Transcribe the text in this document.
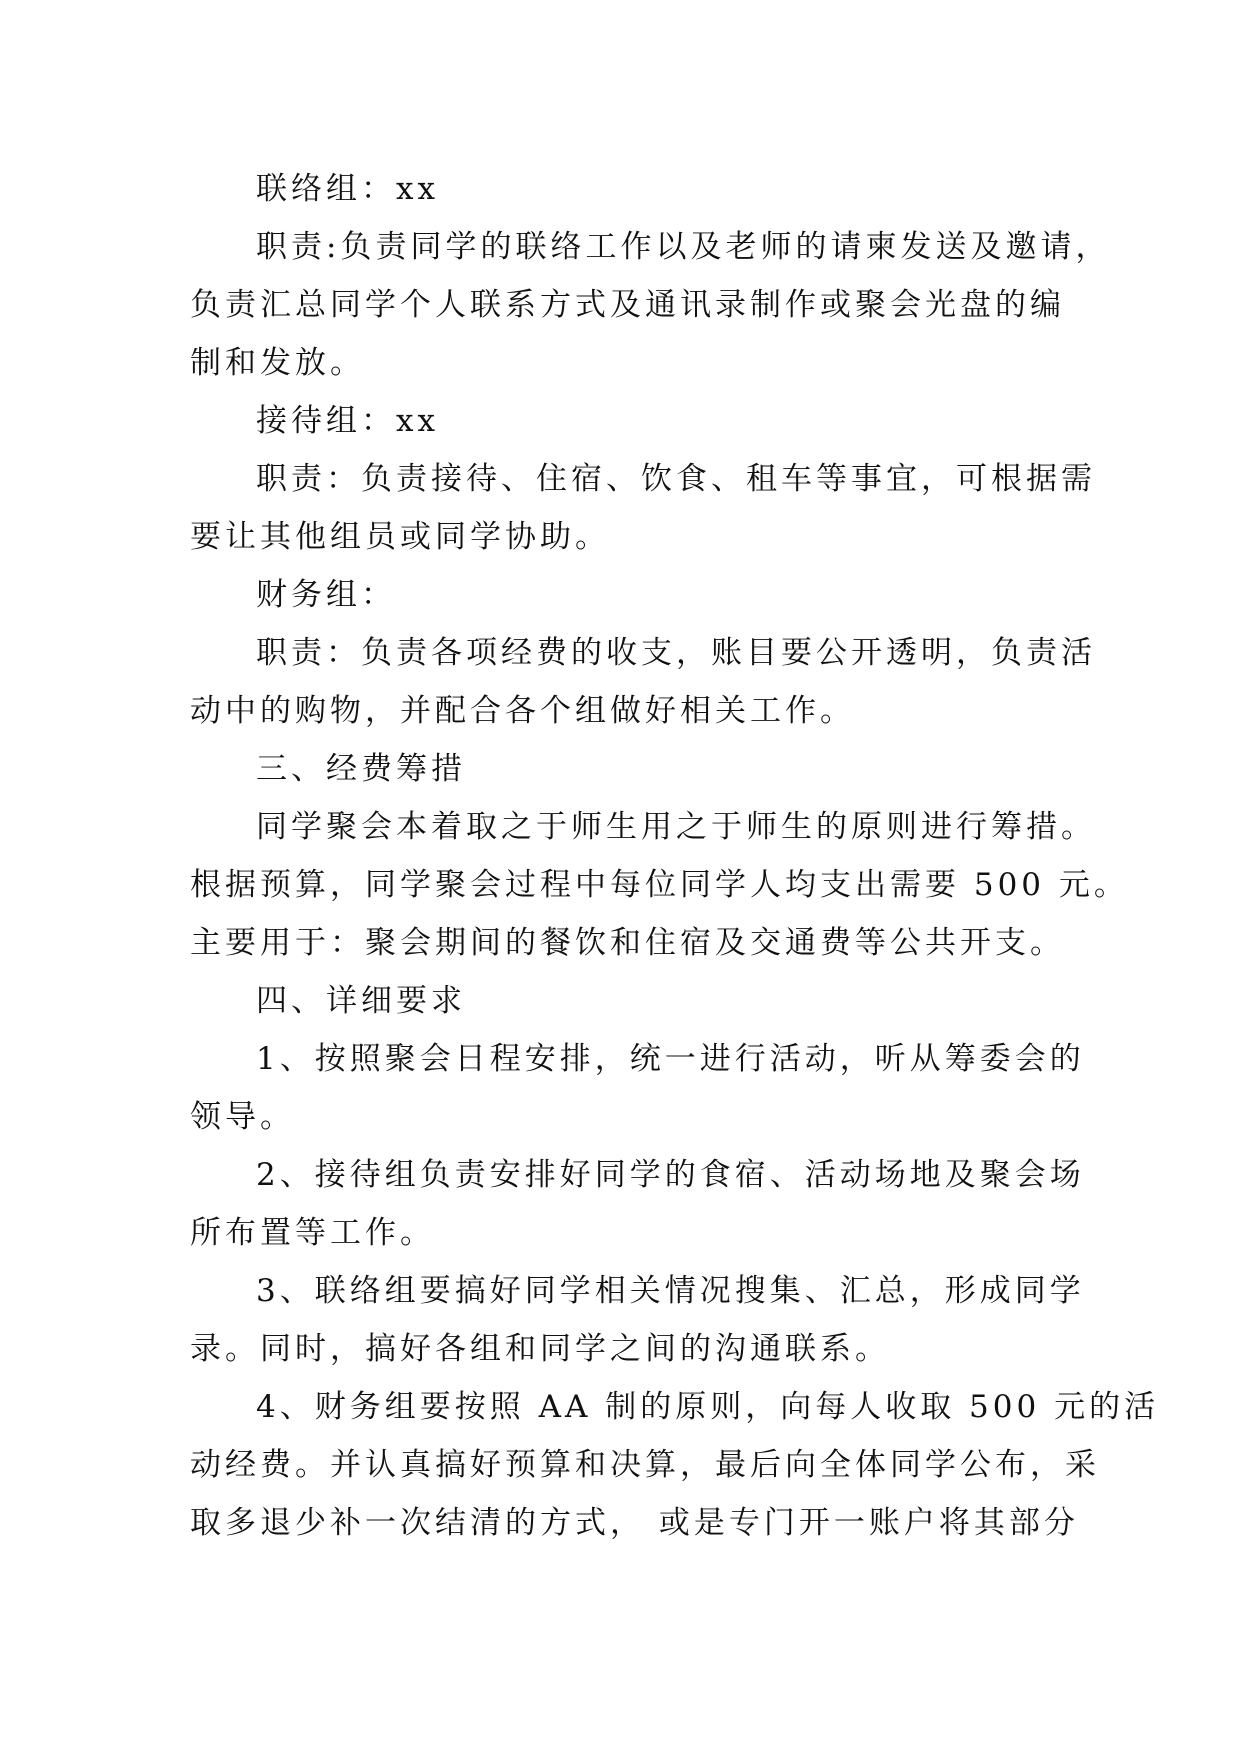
联络组：xx

职责:负责同学的联络工作以及老师的请柬发送及邀请，
负责汇总同学个人联系方式及通讯录制作或聚会光盘的编
制和发放。

接待组：xx

职责：负责接待、住宿、饮食、租车等事宜，可根据需
要让其他组员或同学协助。

财务组：

职责：负责各项经费的收支，账目要公开透明，负责活
动中的购物，并配合各个组做好相关工作。

三、经费筹措

同学聚会本着取之于师生用之于师生的原则进行筹措。
根据预算，同学聚会过程中每位同学人均支出需要 500 元。
主要用于：聚会期间的餐饮和住宿及交通费等公共开支。

四、详细要求

1、按照聚会日程安排，统一进行活动，听从筹委会的
领导。

2、接待组负责安排好同学的食宿、活动场地及聚会场
所布置等工作。

3、联络组要搞好同学相关情况搜集、汇总，形成同学
录。同时，搞好各组和同学之间的沟通联系。

4、财务组要按照 AA 制的原则，向每人收取 500 元的活
动经费。并认真搞好预算和决算，最后向全体同学公布，采
取多退少补一次结清的方式， 或是专门开一账户将其部分
